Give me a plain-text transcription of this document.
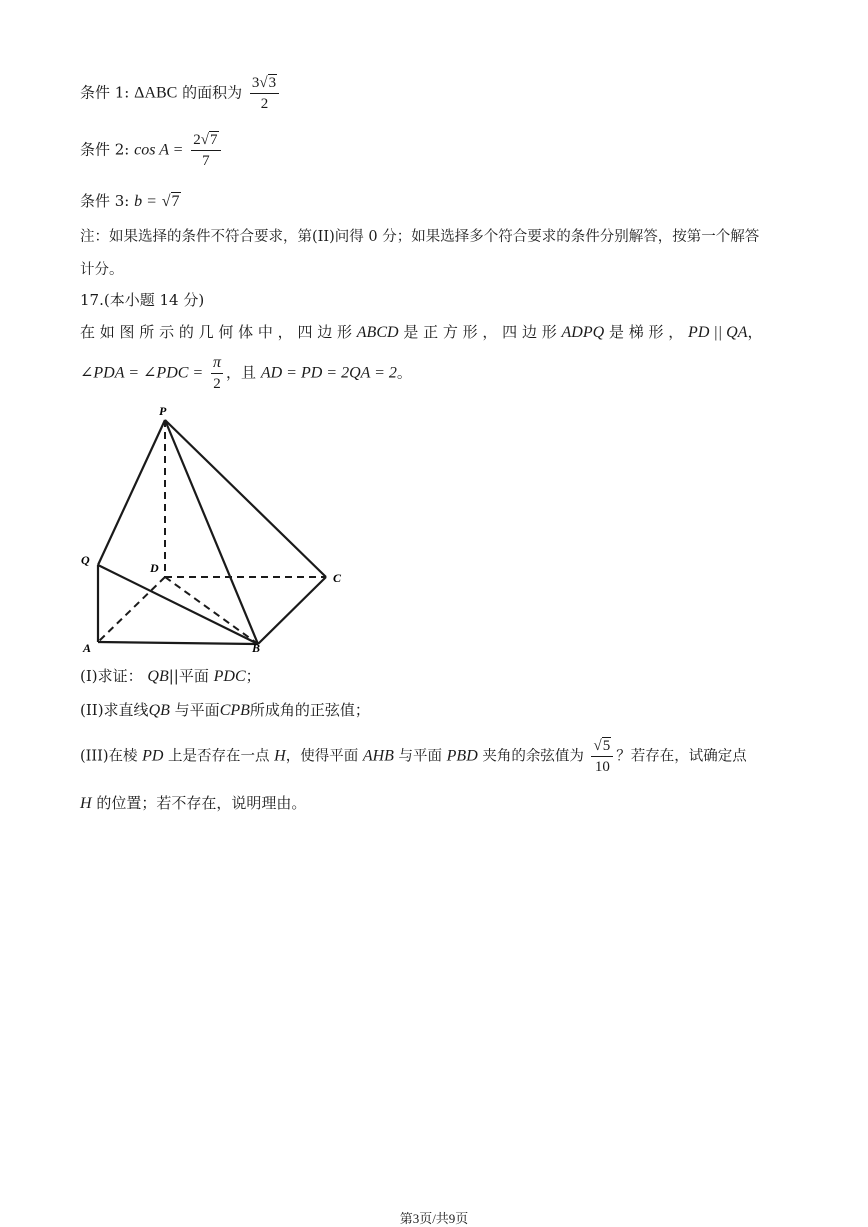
条件 1: ΔABC 的面积为 $\frac{3√3}{2}$
条件 2: $\cos A = \frac{2√7}{7}$
条件 3: b = √7
注：如果选择的条件不符合要求，第(II)问得 0 分；如果选择多个符合要求的条件分别解答，按第一个解答
计分。
17.(本小题 14 分)
在 如 图 所 示 的 几 何 体 中 ， 四 边 形 ABCD 是 正 方 形 ， 四 边 形 ADPQ 是 梯 形 ， PD || QA，
∠PDA = ∠PDC = $\frac{\pi}{2}$ ，且 AD = PD = 2QA = 2。
P
Q
D
C
A	B
(I)求证： QB||平面 PDC；
(II)求直线QB 与平面CPB所成角的正弦值；
(III)在棱 PD 上是否存在一点 H，使得平面 AHB 与平面 PBD 夹角的余弦值为 $\frac{√5}{10}$ ？若存在，试确定点
H 的位置；若不存在，说明理由。
第3页/共9页
